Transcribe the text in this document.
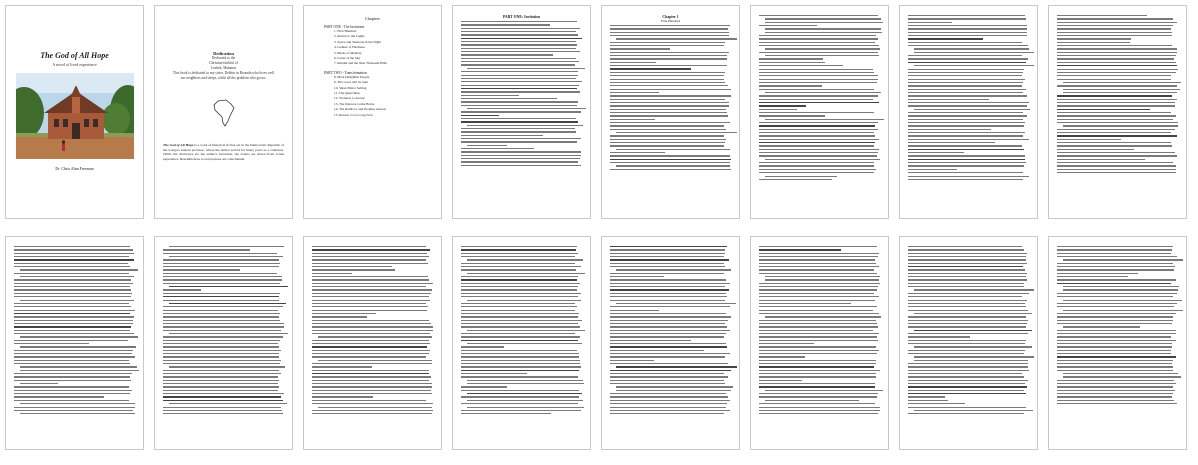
The God of All Hope
A novel of lived experience
Dr. Chris Alan Freeman
Dedication
Dedicated to the
Christian faithful of
Leshek, Mahanui
This book is dedicated to my sister, Debbie in Rwanda who loves well
our neighbors and sleeps, while all the problem who grows.
The God of All Hope is a work of historical fiction set in the Democratic Republic of the Congo's eastern province, where the author served for many years as a volunteer. While the characters are the author's invention, the events are drawn from actual experience. Resemblances to real persons are coincidental.
Chapters
PART ONE - The Invitation
1. First Hundred
2. Return to the Lights
3. Space and Tensions in the Night
4. Leather of Hardness
5. Backs of Memory
6. Letter of the Sky
7. Rebuilt and the Nest Thousand Hills
PART TWO - Transformation
8. Most Delightful People
9. The Good will be Sent
10. Shots Ethics Selling
11. The Quiet Man
12. Violence to Ascent
13. The Dancers Come Home
14. The Rainbow and Promise Answer
15. Reason to Go Long Now
PART ONE: Invitation	Chapter 1
First Hundred
